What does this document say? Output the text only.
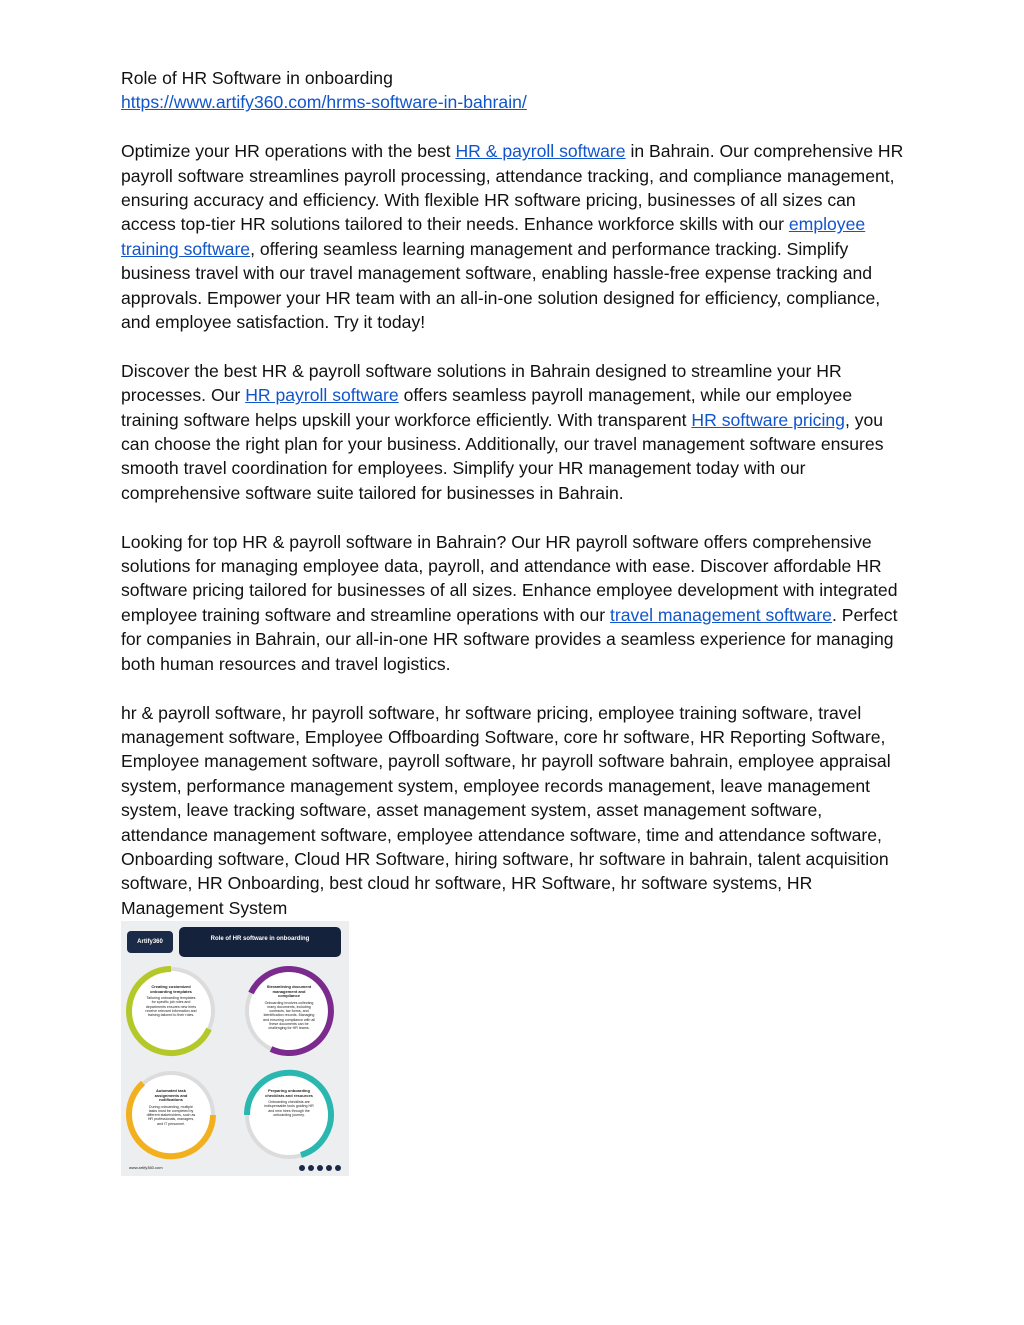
Role of HR Software in onboarding

https://www.artify360.com/hrms-software-in-bahrain/

Optimize your HR operations with the best HR & payroll software in Bahrain. Our comprehensive HR payroll software streamlines payroll processing, attendance tracking, and compliance management, ensuring accuracy and efficiency. With flexible HR software pricing, businesses of all sizes can access top-tier HR solutions tailored to their needs. Enhance workforce skills with our employee training software, offering seamless learning management and performance tracking. Simplify business travel with our travel management software, enabling hassle-free expense tracking and approvals. Empower your HR team with an all-in-one solution designed for efficiency, compliance, and employee satisfaction. Try it today!

Discover the best HR & payroll software solutions in Bahrain designed to streamline your HR processes. Our HR payroll software offers seamless payroll management, while our employee training software helps upskill your workforce efficiently. With transparent HR software pricing, you can choose the right plan for your business. Additionally, our travel management software ensures smooth travel coordination for employees. Simplify your HR management today with our comprehensive software suite tailored for businesses in Bahrain.

Looking for top HR & payroll software in Bahrain? Our HR payroll software offers comprehensive solutions for managing employee data, payroll, and attendance with ease. Discover affordable HR software pricing tailored for businesses of all sizes. Enhance employee development with integrated employee training software and streamline operations with our travel management software. Perfect for companies in Bahrain, our all-in-one HR software provides a seamless experience for managing both human resources and travel logistics.

hr & payroll software, hr payroll software, hr software pricing, employee training software, travel management software, Employee Offboarding Software, core hr software, HR Reporting Software, Employee management software, payroll software, hr payroll software bahrain, employee appraisal system, performance management system, employee records management, leave management system, leave tracking software, asset management system, asset management software, attendance management software, employee attendance software, time and attendance software, Onboarding software, Cloud HR Software, hiring software, hr software in bahrain, talent acquisition software, HR Onboarding, best cloud hr software, HR Software, hr software systems, HR Management System

Artify360	Role of HR software in onboarding
Creating customized onboarding templates
Tailoring onboarding templates for specific job roles and departments ensures new hires receive relevant information and training tailored to their roles.
Streamlining document management and compliance
Onboarding involves collecting many documents, including contracts, tax forms, and identification records. Managing and ensuring compliance with all these documents can be challenging for HR teams.
Automated task assignments and notifications
During onboarding, multiple tasks must be completed by different stakeholders, such as HR professionals, managers, and IT personnel.
Preparing onboarding checklists and resources
Onboarding checklists are indispensable tools guiding HR and new hires through the onboarding journey.
www.artify360.com
